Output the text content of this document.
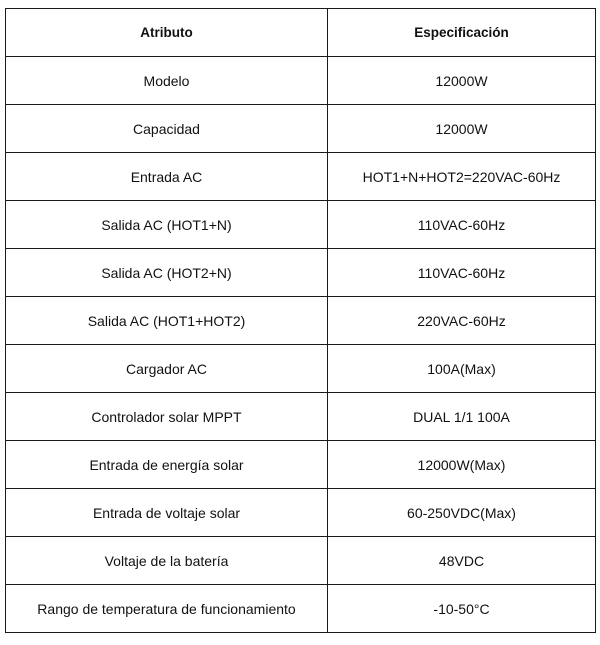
Atributo	Especificación
Modelo	12000W
Capacidad	12000W
Entrada AC	HOT1+N+HOT2=220VAC-60Hz
Salida AC (HOT1+N)	110VAC-60Hz
Salida AC (HOT2+N)	110VAC-60Hz
Salida AC (HOT1+HOT2)	220VAC-60Hz
Cargador AC	100A(Max)
Controlador solar MPPT	DUAL 1/1 100A
Entrada de energía solar	12000W(Max)
Entrada de voltaje solar	60-250VDC(Max)
Voltaje de la batería	48VDC
Rango de temperatura de funcionamiento	-10-50°C
